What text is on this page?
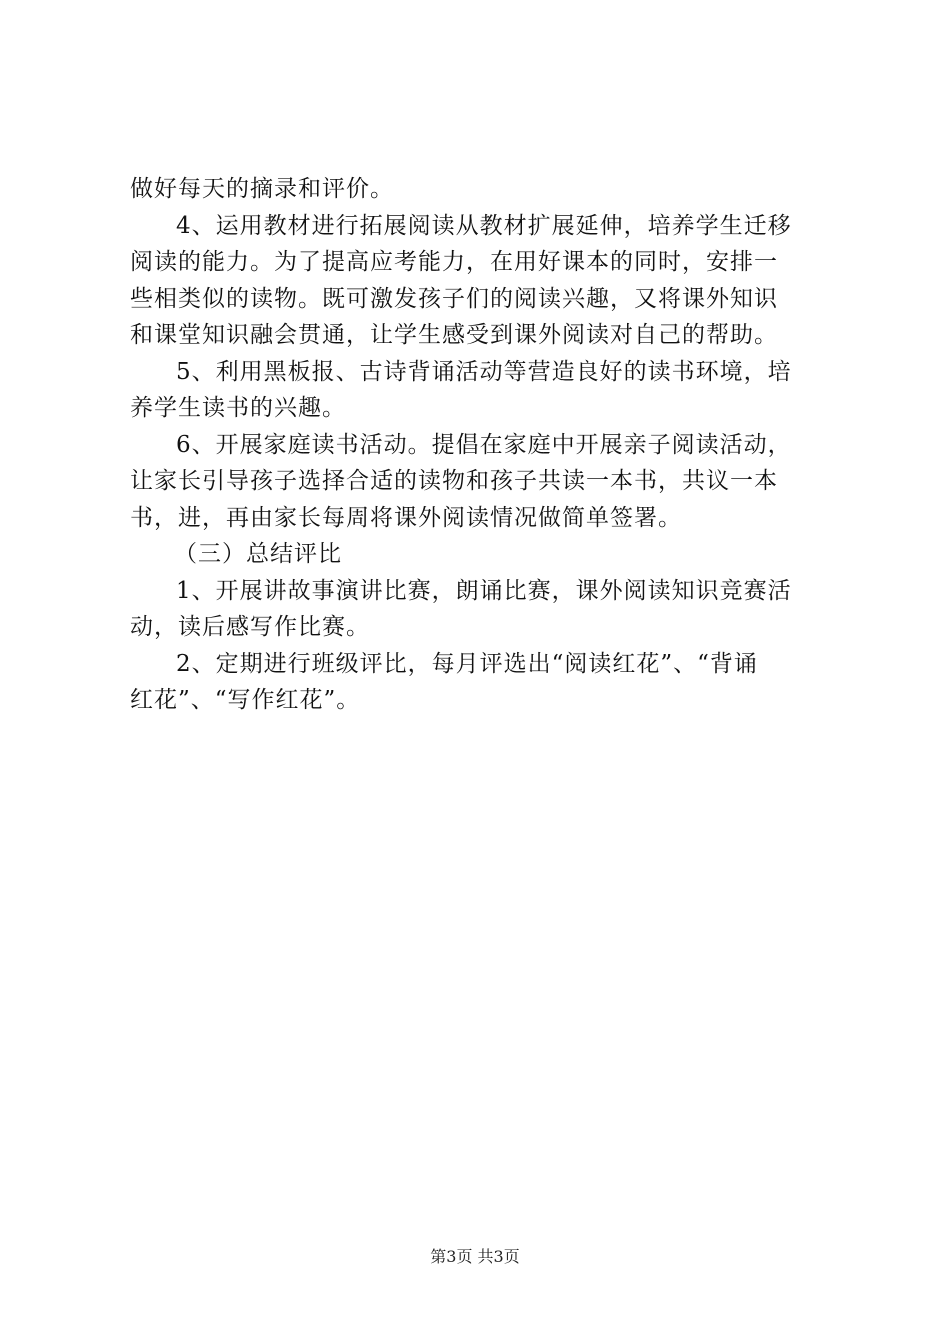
做好每天的摘录和评价。
4、运用教材进行拓展阅读从教材扩展延伸，培养学生迁移
阅读的能力。为了提高应考能力，在用好课本的同时，安排一
些相类似的读物。既可激发孩子们的阅读兴趣，又将课外知识
和课堂知识融会贯通，让学生感受到课外阅读对自己的帮助。
5、利用黑板报、古诗背诵活动等营造良好的读书环境，培
养学生读书的兴趣。
6、开展家庭读书活动。提倡在家庭中开展亲子阅读活动，
让家长引导孩子选择合适的读物和孩子共读一本书，共议一本
书，进，再由家长每周将课外阅读情况做简单签署。
（三）总结评比
1、开展讲故事演讲比赛，朗诵比赛，课外阅读知识竞赛活
动，读后感写作比赛。
2、定期进行班级评比，每月评选出“阅读红花”、“背诵
红花”、“写作红花”。
第3页 共3页
